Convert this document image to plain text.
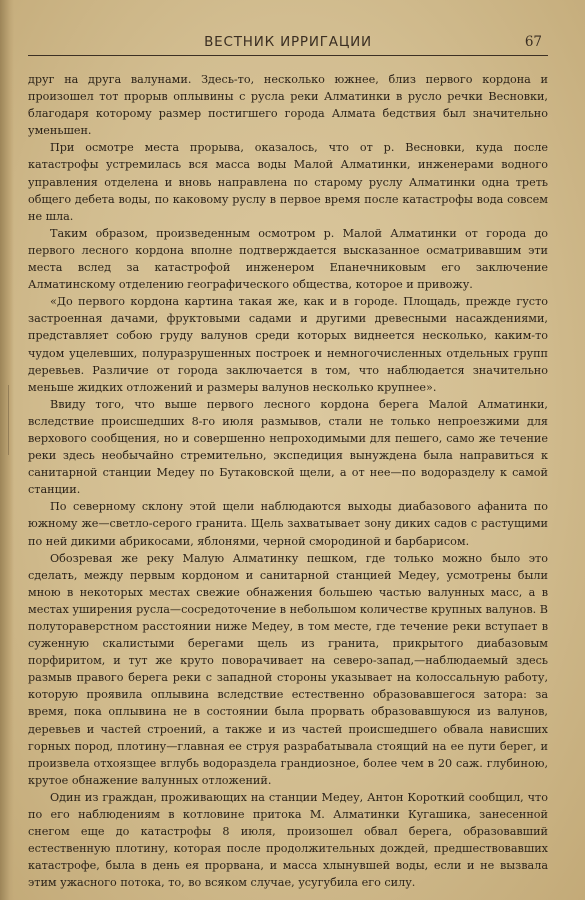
ВЕСТНИК ИРРИГАЦИИ	67

друг на друга валунами. Здесь-то, несколько южнее, близ первого кордона и произошел тот прорыв оплывины с русла реки Алматинки в русло речки Весновки, благодаря которому размер постигшего города Алмата бедствия был значительно уменьшен.

При осмотре места прорыва, оказалось, что от р. Весновки, куда после катастрофы устремилась вся масса воды Малой Алматинки, инженерами водного управления отделена и вновь направлена по старому руслу Алматинки одна треть общего дебета воды, по каковому руслу в первое время после катастрофы вода совсем не шла.

Таким образом, произведенным осмотром р. Малой Алматинки от города до первого лесного кордона вполне подтверждается высказанное осматривавшим эти места вслед за катастрофой инженером Епанечниковым его заключение Алматинскому отделению географического общества, которое и привожу.

«До первого кордона картина такая же, как и в городе. Площадь, прежде густо застроенная дачами, фруктовыми садами и другими древесными насаждениями, представляет собою груду валунов среди которых виднеется несколько, каким-то чудом уцелевших, полуразрушенных построек и немногочисленных отдельных групп деревьев. Различие от города заключается в том, что наблюдается значительно меньше жидких отложений и размеры валунов несколько крупнее».

Ввиду того, что выше первого лесного кордона берега Малой Алматинки, вследствие происшедших 8-го июля размывов, стали не только непроезжими для верхового сообщения, но и совершенно непроходимыми для пешего, само же течение реки здесь необычайно стремительно, экспедиция вынуждена была направиться к санитарной станции Медеу по Бутаковской щели, а от нее—по водоразделу к самой станции.

По северному склону этой щели наблюдаются выходы диабазового афанита по южному же—светло-серого гранита. Щель захватывает зону диких садов с растущими по ней дикими абрикосами, яблонями, черной смородиной и барбарисом.

Обозревая же реку Малую Алматинку пешком, где только можно было это сделать, между первым кордоном и санитарной станцией Медеу, усмотрены были мною в некоторых местах свежие обнажения большею частью валунных масс, а в местах уширения русла—сосредоточение в небольшом количестве крупных валунов. В полутораверстном расстоянии ниже Медеу, в том месте, где течение реки вступает в суженную скалистыми берегами щель из гранита, прикрытого диабазовым порфиритом, и тут же круто поворачивает на северо-запад,—наблюдаемый здесь размыв правого берега реки с западной стороны указывает на колоссальную работу, которую проявила оплывина вследствие естественно образовавшегося затора: за время, пока оплывина не в состоянии была прорвать образовавшуюся из валунов, деревьев и частей строений, а также и из частей происшедшего обвала нависших горных пород, плотину—главная ее струя разрабатывала стоящий на ее пути берег, и произвела отхоязщее вглубь водораздела грандиозное, более чем в 20 саж. глубиною, крутое обнажение валунных отложений.

Один из граждан, проживающих на станции Медеу, Антон Короткий сообщил, что по его наблюдениям в котловине притока М. Алматинки Кугашика, занесенной снегом еще до катастрофы 8 июля, произошел обвал берега, образовавший естественную плотину, которая после продолжительных дождей, предшествовавших катастрофе, была в день ея прорвана, и масса хлынувшей воды, если и не вызвала этим ужасного потока, то, во всяком случае, усугубила его силу.
